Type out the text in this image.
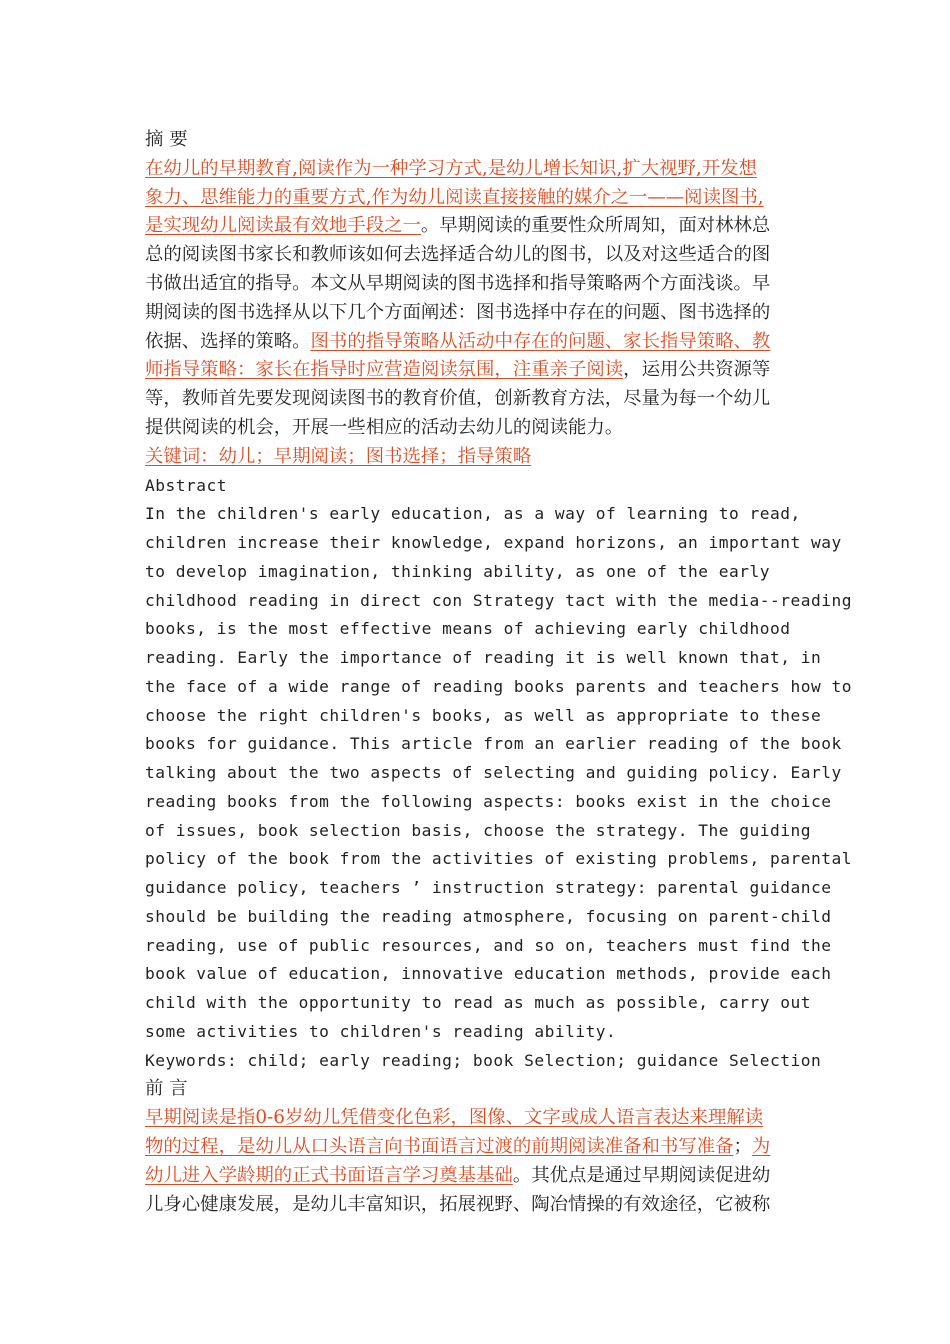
摘 要
在幼儿的早期教育,阅读作为一种学习方式,是幼儿增长知识,扩大视野,开发想
象力、思维能力的重要方式,作为幼儿阅读直接接触的媒介之一——阅读图书,
是实现幼儿阅读最有效地手段之一。早期阅读的重要性众所周知，面对林林总
总的阅读图书家长和教师该如何去选择适合幼儿的图书，以及对这些适合的图
书做出适宜的指导。本文从早期阅读的图书选择和指导策略两个方面浅谈。早
期阅读的图书选择从以下几个方面阐述：图书选择中存在的问题、图书选择的
依据、选择的策略。图书的指导策略从活动中存在的问题、家长指导策略、教
师指导策略：家长在指导时应营造阅读氛围，注重亲子阅读，运用公共资源等
等，教师首先要发现阅读图书的教育价值，创新教育方法，尽量为每一个幼儿
提供阅读的机会，开展一些相应的活动去幼儿的阅读能力。
关键词：幼儿；早期阅读；图书选择；指导策略
Abstract
In the children's early education, as a way of learning to read,
children increase their knowledge, expand horizons, an important way
to develop imagination, thinking ability, as one of the early
childhood reading in direct con Strategy tact with the media--reading
books, is the most effective means of achieving early childhood
reading. Early the importance of reading it is well known that, in
the face of a wide range of reading books parents and teachers how to
choose the right children's books, as well as appropriate to these
books for guidance. This article from an earlier reading of the book
talking about the two aspects of selecting and guiding policy. Early
reading books from the following aspects: books exist in the choice
of issues, book selection basis, choose the strategy. The guiding
policy of the book from the activities of existing problems, parental
guidance policy, teachers ’ instruction strategy: parental guidance
should be building the reading atmosphere, focusing on parent-child
reading, use of public resources, and so on, teachers must find the
book value of education, innovative education methods, provide each
child with the opportunity to read as much as possible, carry out
some activities to children's reading ability.
Keywords: child; early reading; book Selection; guidance Selection
前 言
早期阅读是指0-6岁幼儿凭借变化色彩，图像、文字或成人语言表达来理解读
物的过程，是幼儿从口头语言向书面语言过渡的前期阅读准备和书写准备；为
幼儿进入学龄期的正式书面语言学习奠基基础。其优点是通过早期阅读促进幼
儿身心健康发展，是幼儿丰富知识，拓展视野、陶冶情操的有效途径，它被称
